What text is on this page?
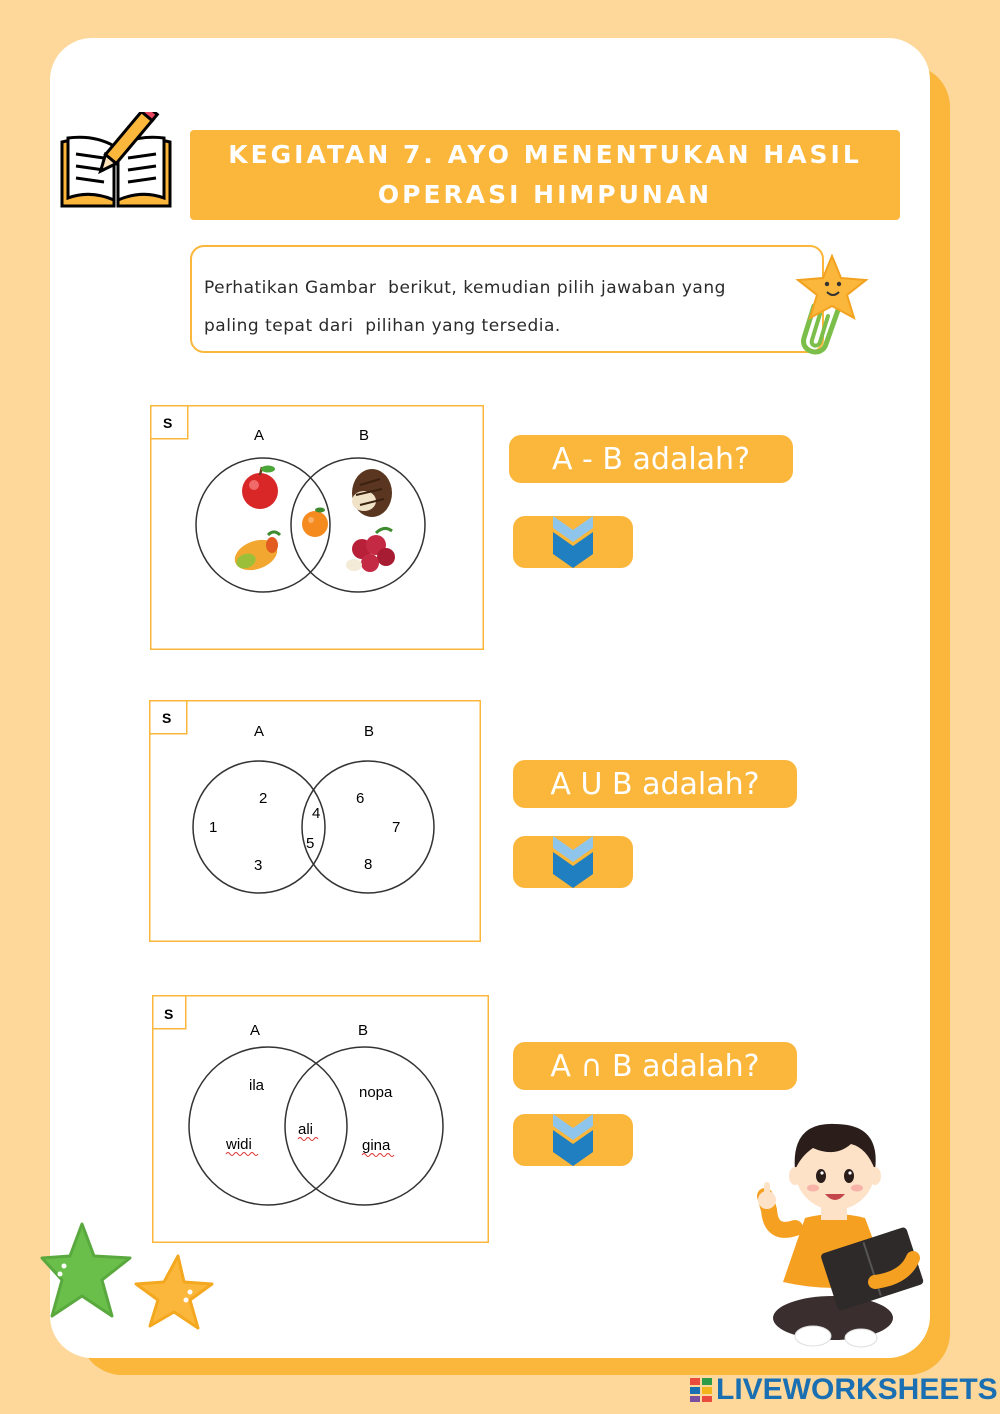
KEGIATAN 7. AYO MENENTUKAN HASIL
OPERASI HIMPUNAN

Perhatikan Gambar  berikut, kemudian pilih jawaban yang

paling tepat dari  pilihan yang tersedia.

S
A	B
A - B adalah?
S
A	B
2
1
3
4
5
6
7
8
A U B adalah?
S
A	B
ila
widi
ali
nopa
gina
A ∩ B adalah?
LIVEWORKSHEETS
